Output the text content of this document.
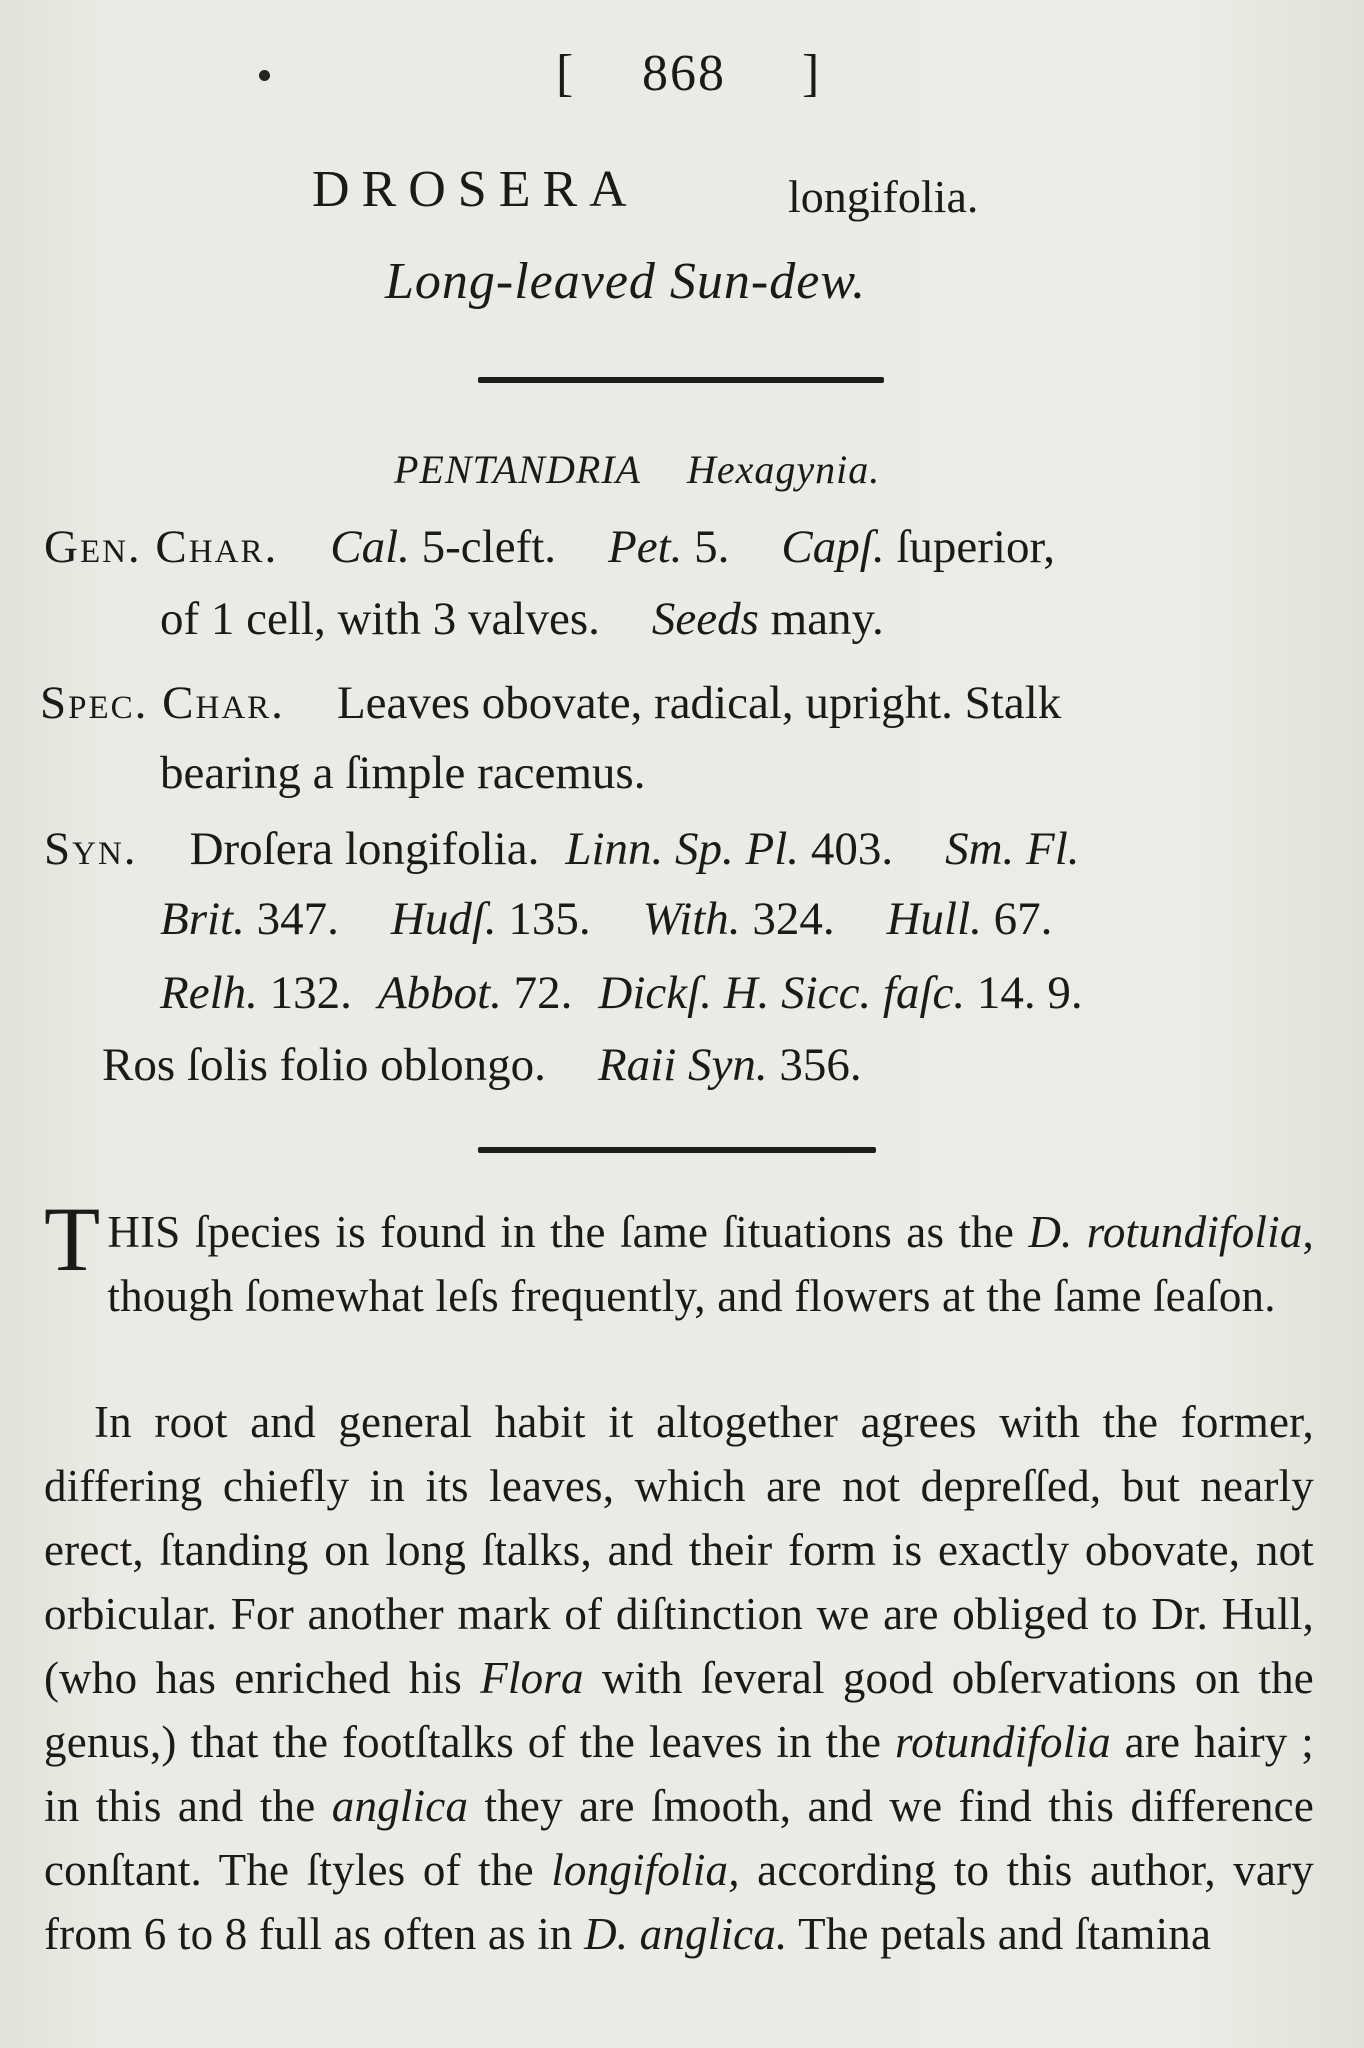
[ 868 ]
DROSERA	longifolia.
Long-leaved Sun-dew.
PENTANDRIA Hexagynia.
Gen. Char. Cal. 5-cleft. Pet. 5. Capſ. ſuperior,
of 1 cell, with 3 valves. Seeds many.
Spec. Char. Leaves obovate, radical, upright. Stalk
bearing a ſimple racemus.
Syn. Droſera longifolia. Linn. Sp. Pl. 403. Sm. Fl.
Brit. 347. Hudſ. 135. With. 324. Hull. 67.
Relh. 132. Abbot. 72. Dickſ. H. Sicc. faſc. 14. 9.
Ros ſolis folio oblongo. Raii Syn. 356.
THIS ſpecies is found in the ſame ſituations as the D. rotundifolia, though ſomewhat leſs frequently, and flowers at the ſame ſeaſon.
In root and general habit it altogether agrees with the former, differing chiefly in its leaves, which are not depreſſed, but nearly erect, ſtanding on long ſtalks, and their form is exactly obovate, not orbicular. For another mark of diſtinction we are obliged to Dr. Hull, (who has enriched his Flora with ſeveral good obſervations on the genus,) that the footſtalks of the leaves in the rotundifolia are hairy ; in this and the anglica they are ſmooth, and we find this difference conſtant. The ſtyles of the longifolia, according to this author, vary from 6 to 8 full as often as in D. anglica. The petals and ſtamina
